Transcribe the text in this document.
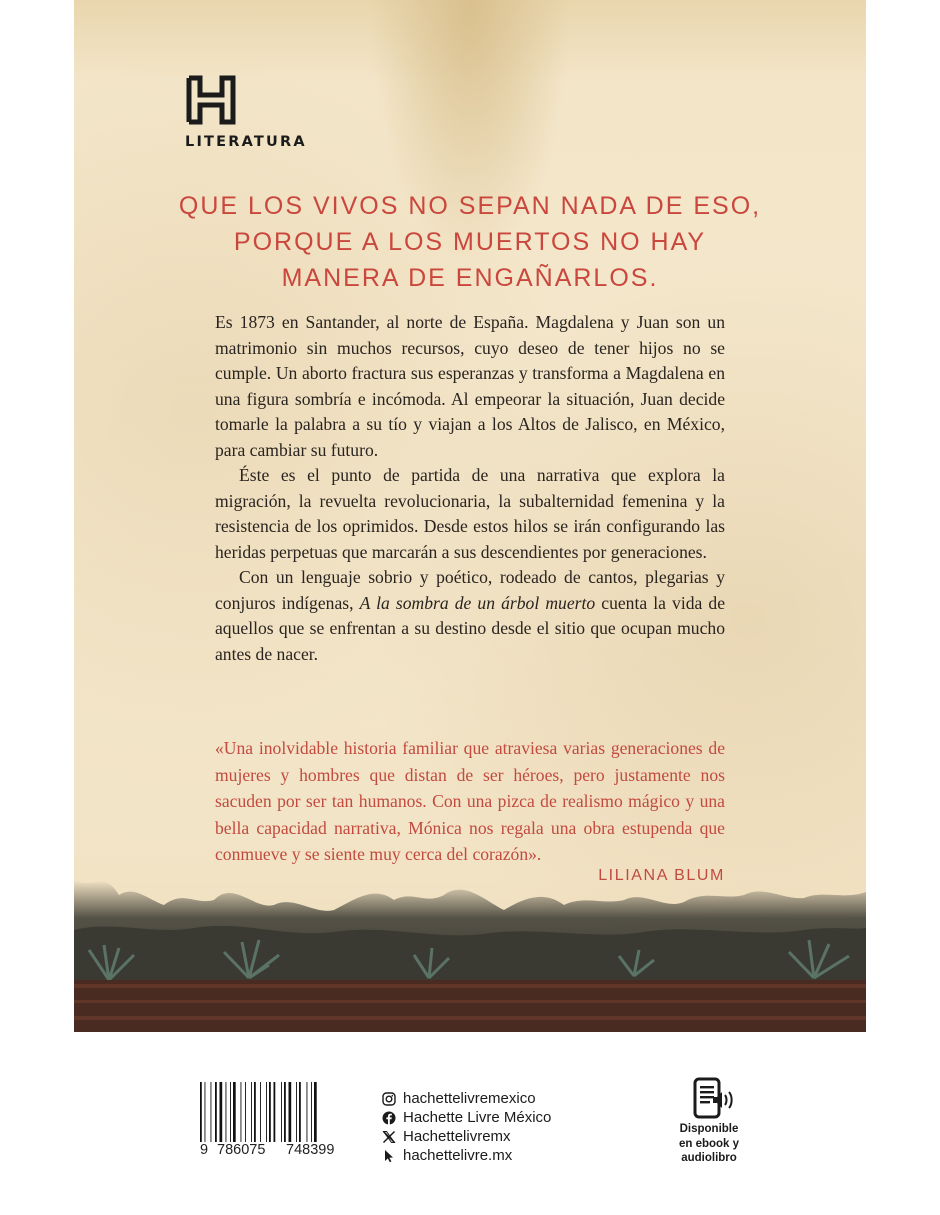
LITERATURA
QUE LOS VIVOS NO SEPAN NADA DE ESO,
PORQUE A LOS MUERTOS NO HAY
MANERA DE ENGAÑARLOS.

Es 1873 en Santander, al norte de España. Magdalena y Juan son un matrimonio sin muchos recursos, cuyo deseo de tener hijos no se cumple. Un aborto fractura sus esperanzas y transforma a Magdalena en una figura sombría e incómoda. Al empeorar la situación, Juan decide tomarle la palabra a su tío y viajan a los Altos de Jalisco, en México, para cambiar su futuro.

Éste es el punto de partida de una narrativa que explora la migración, la revuelta revolucionaria, la subalternidad femenina y la resistencia de los oprimidos. Desde estos hilos se irán configurando las heridas perpetuas que marcarán a sus descendientes por generaciones.

Con un lenguaje sobrio y poético, rodeado de cantos, plegarias y conjuros indígenas, A la sombra de un árbol muerto cuenta la vida de aquellos que se enfrentan a su destino desde el sitio que ocupan mucho antes de nacer.

«Una inolvidable historia familiar que atraviesa varias generaciones de mujeres y hombres que distan de ser héroes, pero justamente nos sacuden por ser tan humanos. Con una pizca de realismo mágico y una bella capacidad narrativa, Mónica nos regala una obra estupenda que conmueve y se siente muy cerca del corazón».
LILIANA BLUM
9 786075 748399
hachettelivremexico
Hachette Livre México
Hachettelivremx
hachettelivre.mx
Disponible
en ebook y
audiolibro
